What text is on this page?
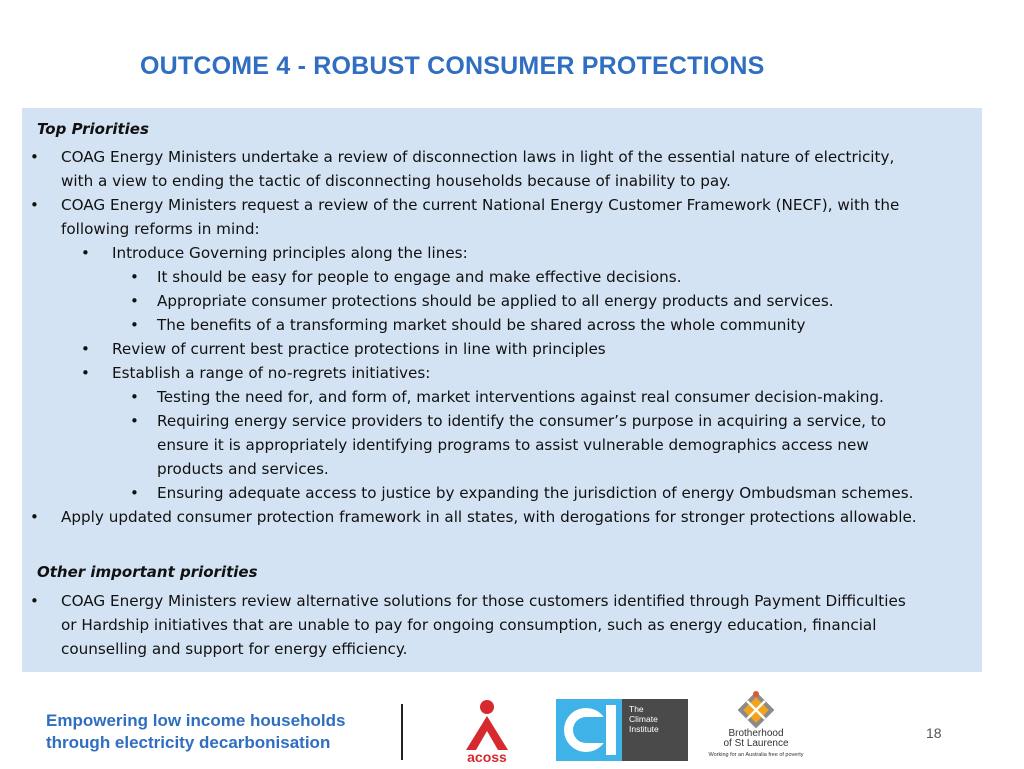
OUTCOME 4 - ROBUST CONSUMER PROTECTIONS
Top Priorities
• COAG Energy Ministers undertake a review of disconnection laws in light of the essential nature of electricity,
with a view to ending the tactic of disconnecting households because of inability to pay.
• COAG Energy Ministers request a review of the current National Energy Customer Framework (NECF), with the
following reforms in mind:
• Introduce Governing principles along the lines:
• It should be easy for people to engage and make effective decisions.
• Appropriate consumer protections should be applied to all energy products and services.
• The benefits of a transforming market should be shared across the whole community
• Review of current best practice protections in line with principles
• Establish a range of no-regrets initiatives:
• Testing the need for, and form of, market interventions against real consumer decision-making.
• Requiring energy service providers to identify the consumer’s purpose in acquiring a service, to
ensure it is appropriately identifying programs to assist vulnerable demographics access new
products and services.
• Ensuring adequate access to justice by expanding the jurisdiction of energy Ombudsman schemes.
• Apply updated consumer protection framework in all states, with derogations for stronger protections allowable.
Other important priorities
• COAG Energy Ministers review alternative solutions for those customers identified through Payment Difficulties
or Hardship initiatives that are unable to pay for ongoing consumption, such as energy education, financial
counselling and support for energy efficiency.
Empowering low income households
through electricity decarbonisation
acoss
The
Climate
Institute	Brotherhood
of St Laurence
Working for an Australia free of poverty
18
